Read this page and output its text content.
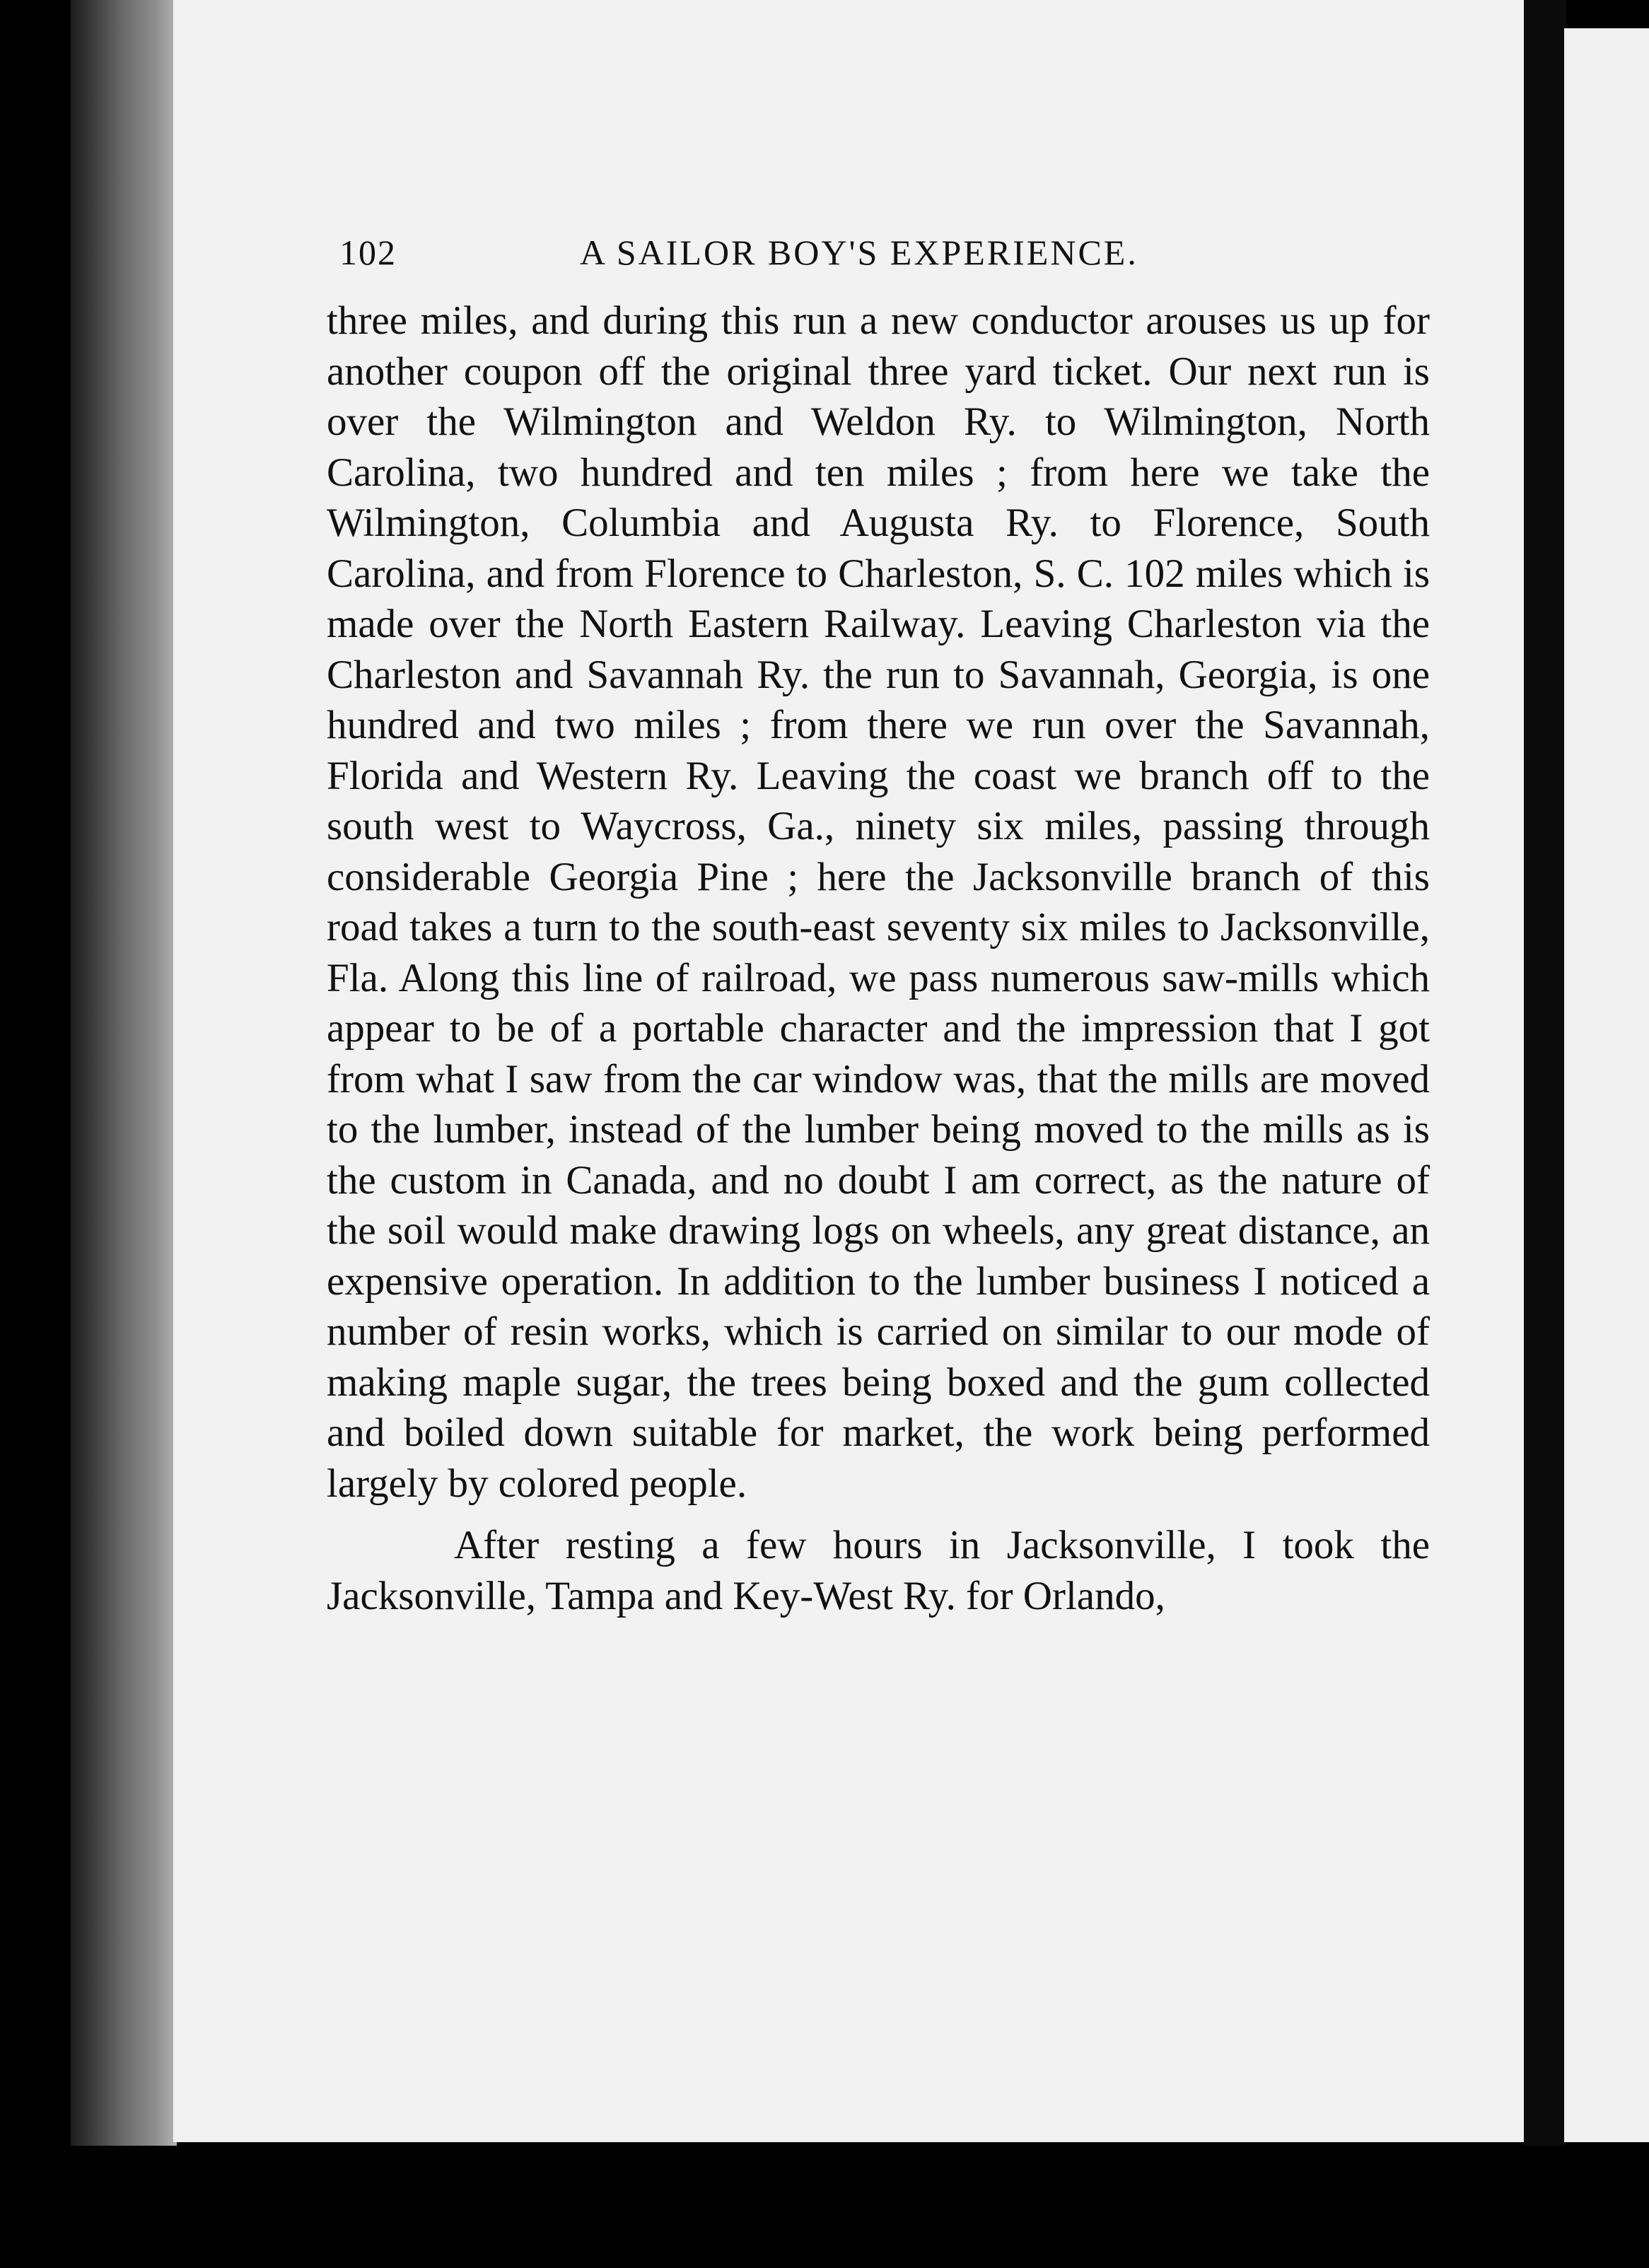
102	A SAILOR BOY'S EXPERIENCE.

three miles, and during this run a new conductor arouses us up for another coupon off the original three yard ticket. Our next run is over the Wilmington and Weldon Ry. to Wilmington, North Carolina, two hundred and ten miles ; from here we take the Wilmington, Columbia and Augusta Ry. to Florence, South Carolina, and from Florence to Charleston, S. C. 102 miles which is made over the North Eastern Railway. Leaving Charleston via the Charleston and Savannah Ry. the run to Savannah, Georgia, is one hundred and two miles ; from there we run over the Savannah, Florida and Western Ry. Leaving the coast we branch off to the south west to Waycross, Ga., ninety six miles, passing through considerable Georgia Pine ; here the Jacksonville branch of this road takes a turn to the south-east seventy six miles to Jacksonville, Fla. Along this line of railroad, we pass numerous saw-mills which appear to be of a portable character and the impression that I got from what I saw from the car window was, that the mills are moved to the lumber, instead of the lumber being moved to the mills as is the custom in Canada, and no doubt I am correct, as the nature of the soil would make drawing logs on wheels, any great distance, an expensive operation. In addition to the lumber business I noticed a number of resin works, which is carried on similar to our mode of making maple sugar, the trees being boxed and the gum collected and boiled down suitable for market, the work being performed largely by colored people.

After resting a few hours in Jacksonville, I took the Jacksonville, Tampa and Key-West Ry. for Orlando,
